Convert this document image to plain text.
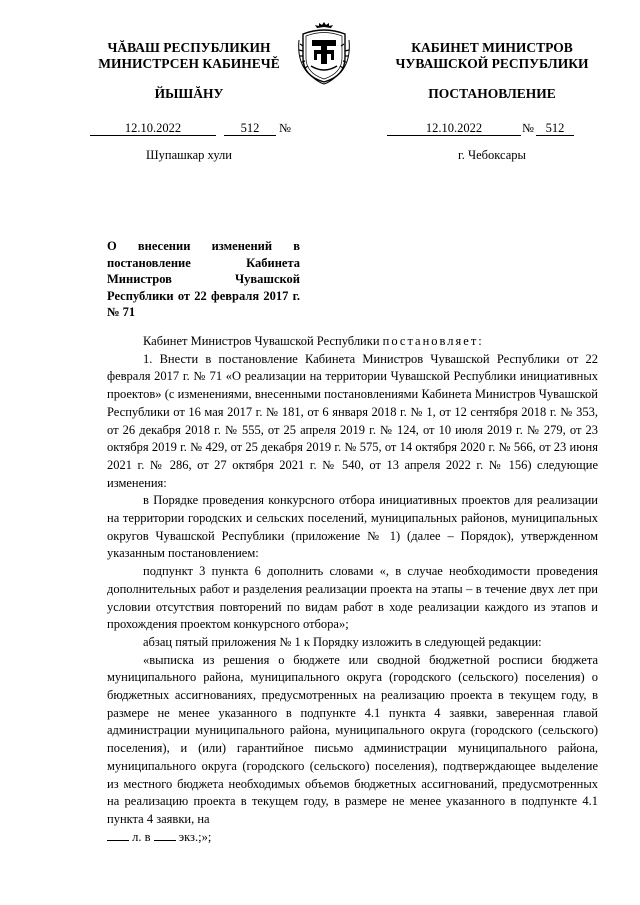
ЧĂВАШ РЕСПУБЛИКИН
МИНИСТРСЕН КАБИНЕЧĚ
ЙЫШĂНУ
КАБИНЕТ МИНИСТРОВ
ЧУВАШСКОЙ РЕСПУБЛИКИ
ПОСТАНОВЛЕНИЕ
12.10.2022	512 №	12.10.2022	№ 512
Шупашкар хули	г. Чебоксары
О внесении изменений в постановление Кабинета Министров Чувашской Республики от 22 февраля 2017 г. № 71

Кабинет Министров Чувашской Республики постановляет:

1. Внести в постановление Кабинета Министров Чувашской Республики от 22 февраля 2017 г. № 71 «О реализации на территории Чувашской Республики инициативных проектов» (с изменениями, внесенными постановлениями Кабинета Министров Чувашской Республики от 16 мая 2017 г. № 181, от 6 января 2018 г. № 1, от 12 сентября 2018 г. № 353, от 26 декабря 2018 г. № 555, от 25 апреля 2019 г. № 124, от 10 июля 2019 г. № 279, от 23 октября 2019 г. № 429, от 25 декабря 2019 г. № 575, от 14 октября 2020 г. № 566, от 23 июня 2021 г. № 286, от 27 октября 2021 г. № 540, от 13 апреля 2022 г. № 156) следующие изменения:

в Порядке проведения конкурсного отбора инициативных проектов для реализации на территории городских и сельских поселений, муниципальных районов, муниципальных округов Чувашской Республики (приложение № 1) (далее – Порядок), утвержденном указанным постановлением:

подпункт 3 пункта 6 дополнить словами «, в случае необходимости проведения дополнительных работ и разделения реализации проекта на этапы – в течение двух лет при условии отсутствия повторений по видам работ в ходе реализации каждого из этапов и прохождения проектом конкурсного отбора»;

абзац пятый приложения № 1 к Порядку изложить в следующей редакции:

«выписка из решения о бюджете или сводной бюджетной росписи бюджета муниципального района, муниципального округа (городского (сельского) поселения) о бюджетных ассигнованиях, предусмотренных на реализацию проекта в текущем году, в размере не менее указанного в подпункте 4.1 пункта 4 заявки, заверенная главой администрации муниципального района, муниципального округа (городского (сельского) поселения), и (или) гарантийное письмо администрации муниципального района, муниципального округа (городского (сельского) поселения), подтверждающее выделение из местного бюджета необходимых объемов бюджетных ассигнований, предусмотренных на реализацию проекта в текущем году, в размере не менее указанного в подпункте 4.1 пункта 4 заявки, на

л. в  экз.;»;
